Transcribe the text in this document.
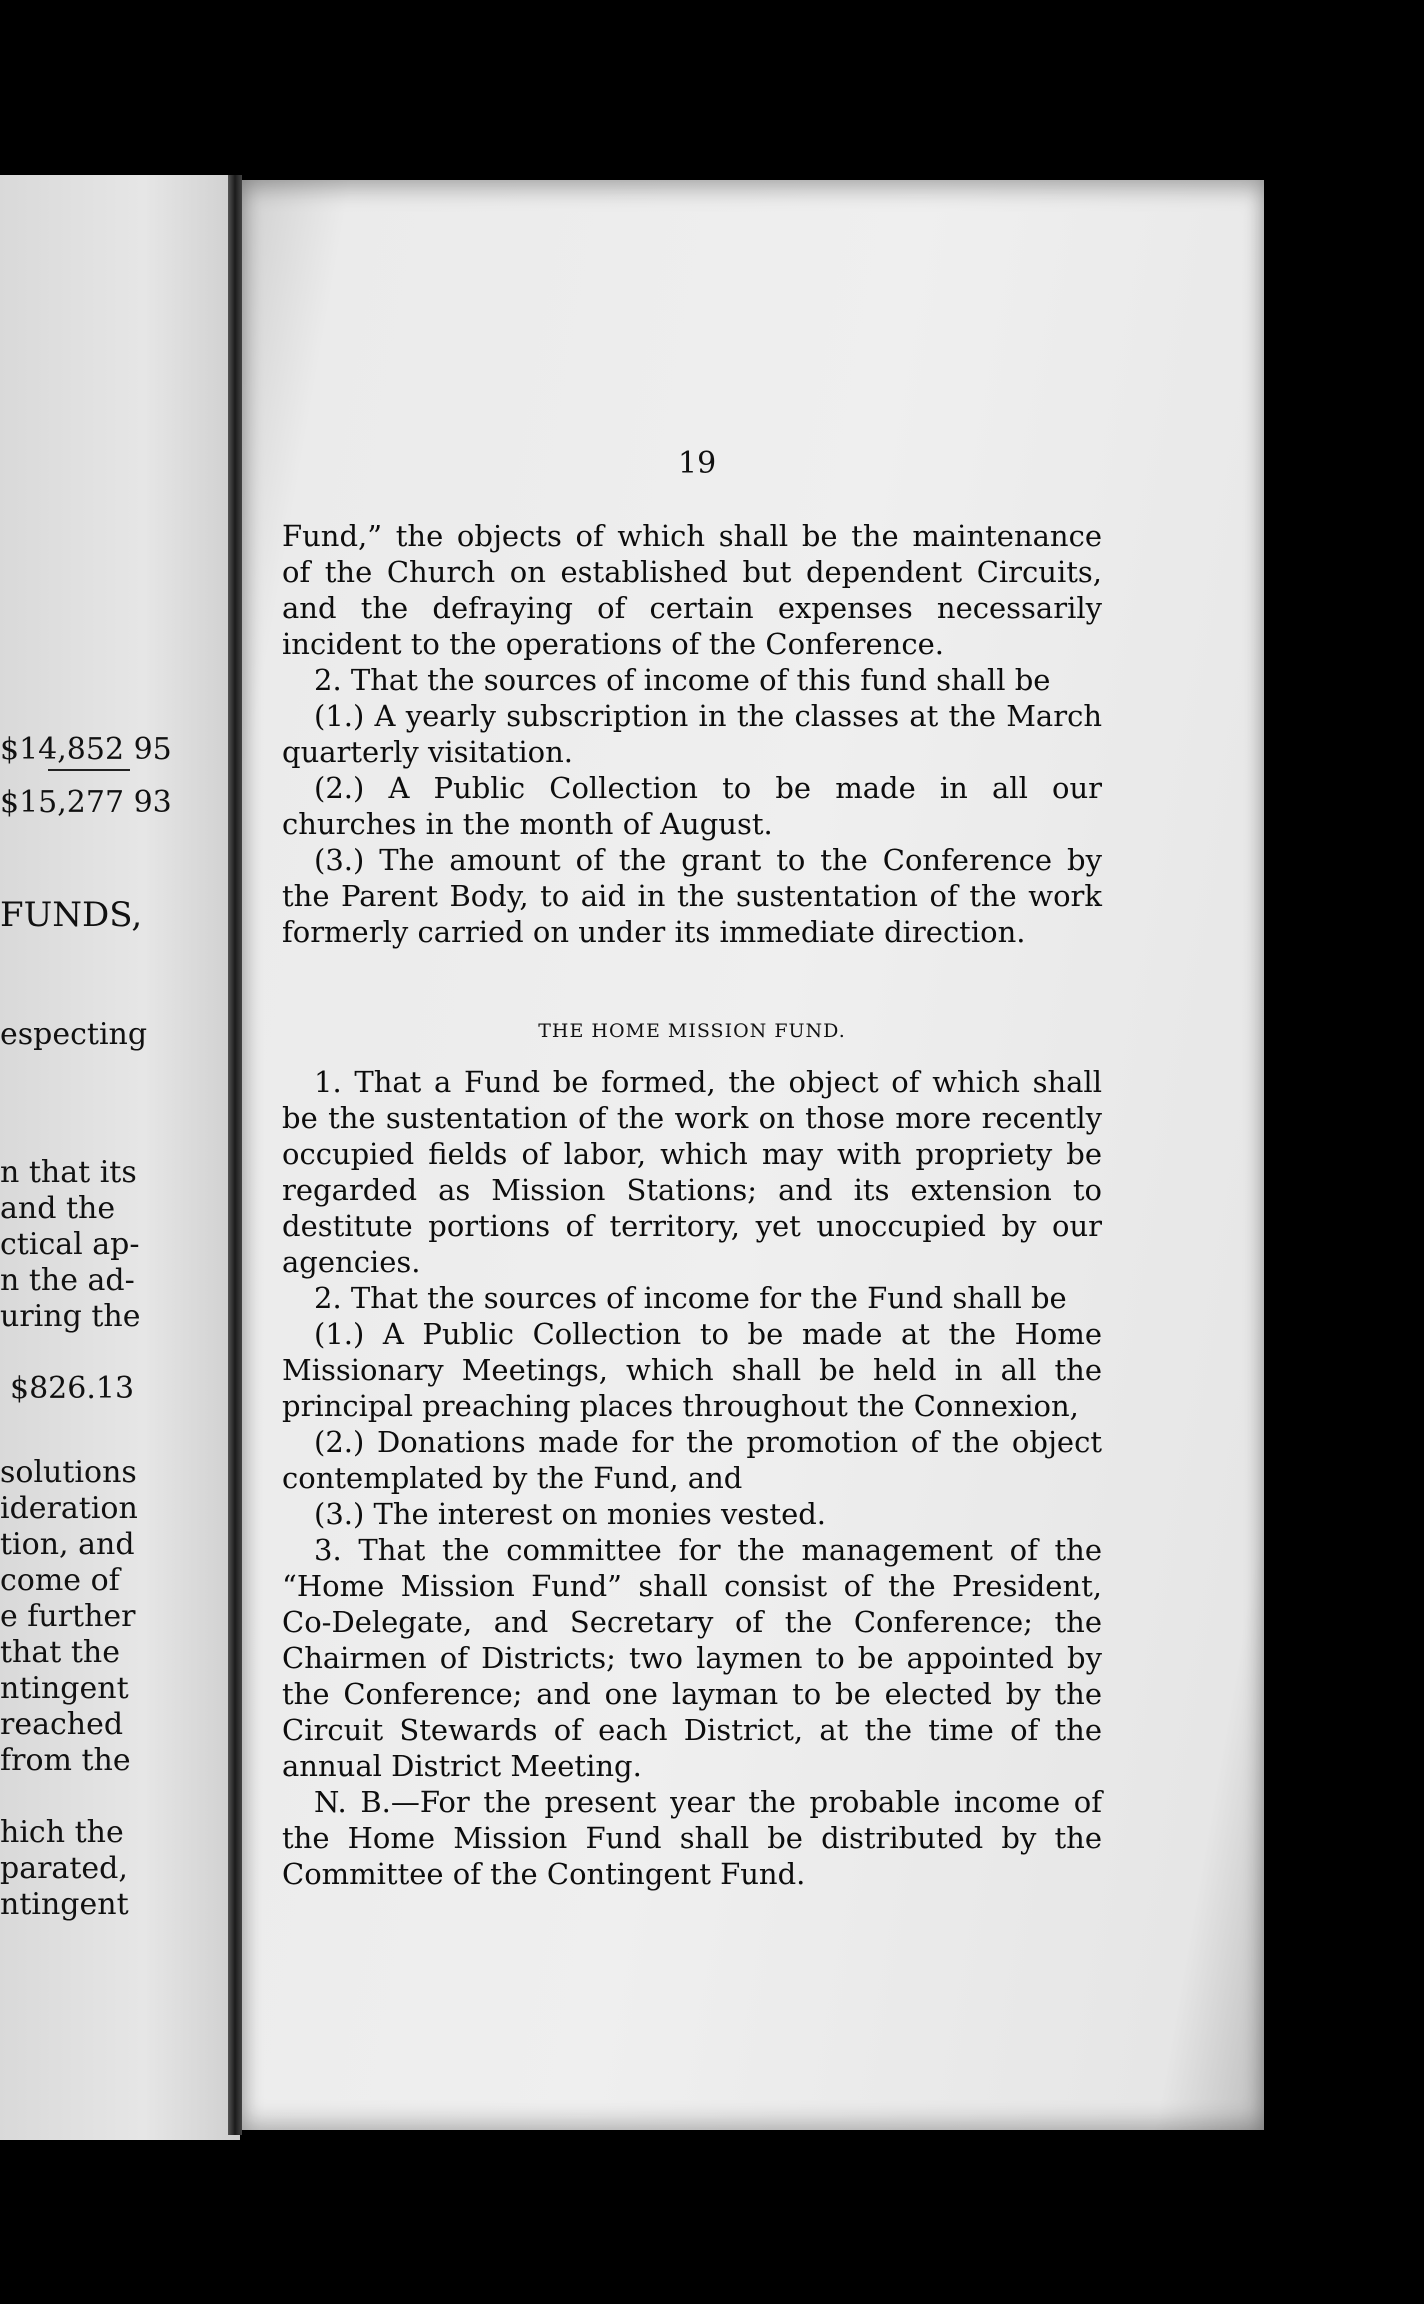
$14,852 95
$15,277 93
FUNDS,
especting
n that its
and the
ctical ap-
n the ad-
uring the
$826.13
solutions
ideration
tion, and
come of
e further
that the
ntingent
reached
from the
hich the
parated,
ntingent
19

Fund,” the objects of which shall be the maintenance of the Church on established but dependent Circuits, and the defraying of certain expenses necessarily incident to the operations of the Conference.

2. That the sources of income of this fund shall be

(1.) A yearly subscription in the classes at the March quarterly visitation.

(2.) A Public Collection to be made in all our churches in the month of August.

(3.) The amount of the grant to the Conference by the Parent Body, to aid in the sustentation of the work formerly carried on under its immediate direction.

THE HOME MISSION FUND.

1. That a Fund be formed, the object of which shall be the sustentation of the work on those more recently occupied fields of labor, which may with propriety be regarded as Mission Stations; and its extension to destitute portions of territory, yet unoccupied by our agencies.

2. That the sources of income for the Fund shall be

(1.) A Public Collection to be made at the Home Missionary Meetings, which shall be held in all the principal preaching places throughout the Connexion,

(2.) Donations made for the promotion of the object contemplated by the Fund, and

(3.) The interest on monies vested.

3. That the committee for the management of the “Home Mission Fund” shall consist of the President, Co-Delegate, and Secretary of the Conference; the Chairmen of Districts; two laymen to be appointed by the Conference; and one layman to be elected by the Circuit Stewards of each District, at the time of the annual District Meeting.

N. B.—For the present year the probable income of the Home Mission Fund shall be distributed by the Committee of the Contingent Fund.
